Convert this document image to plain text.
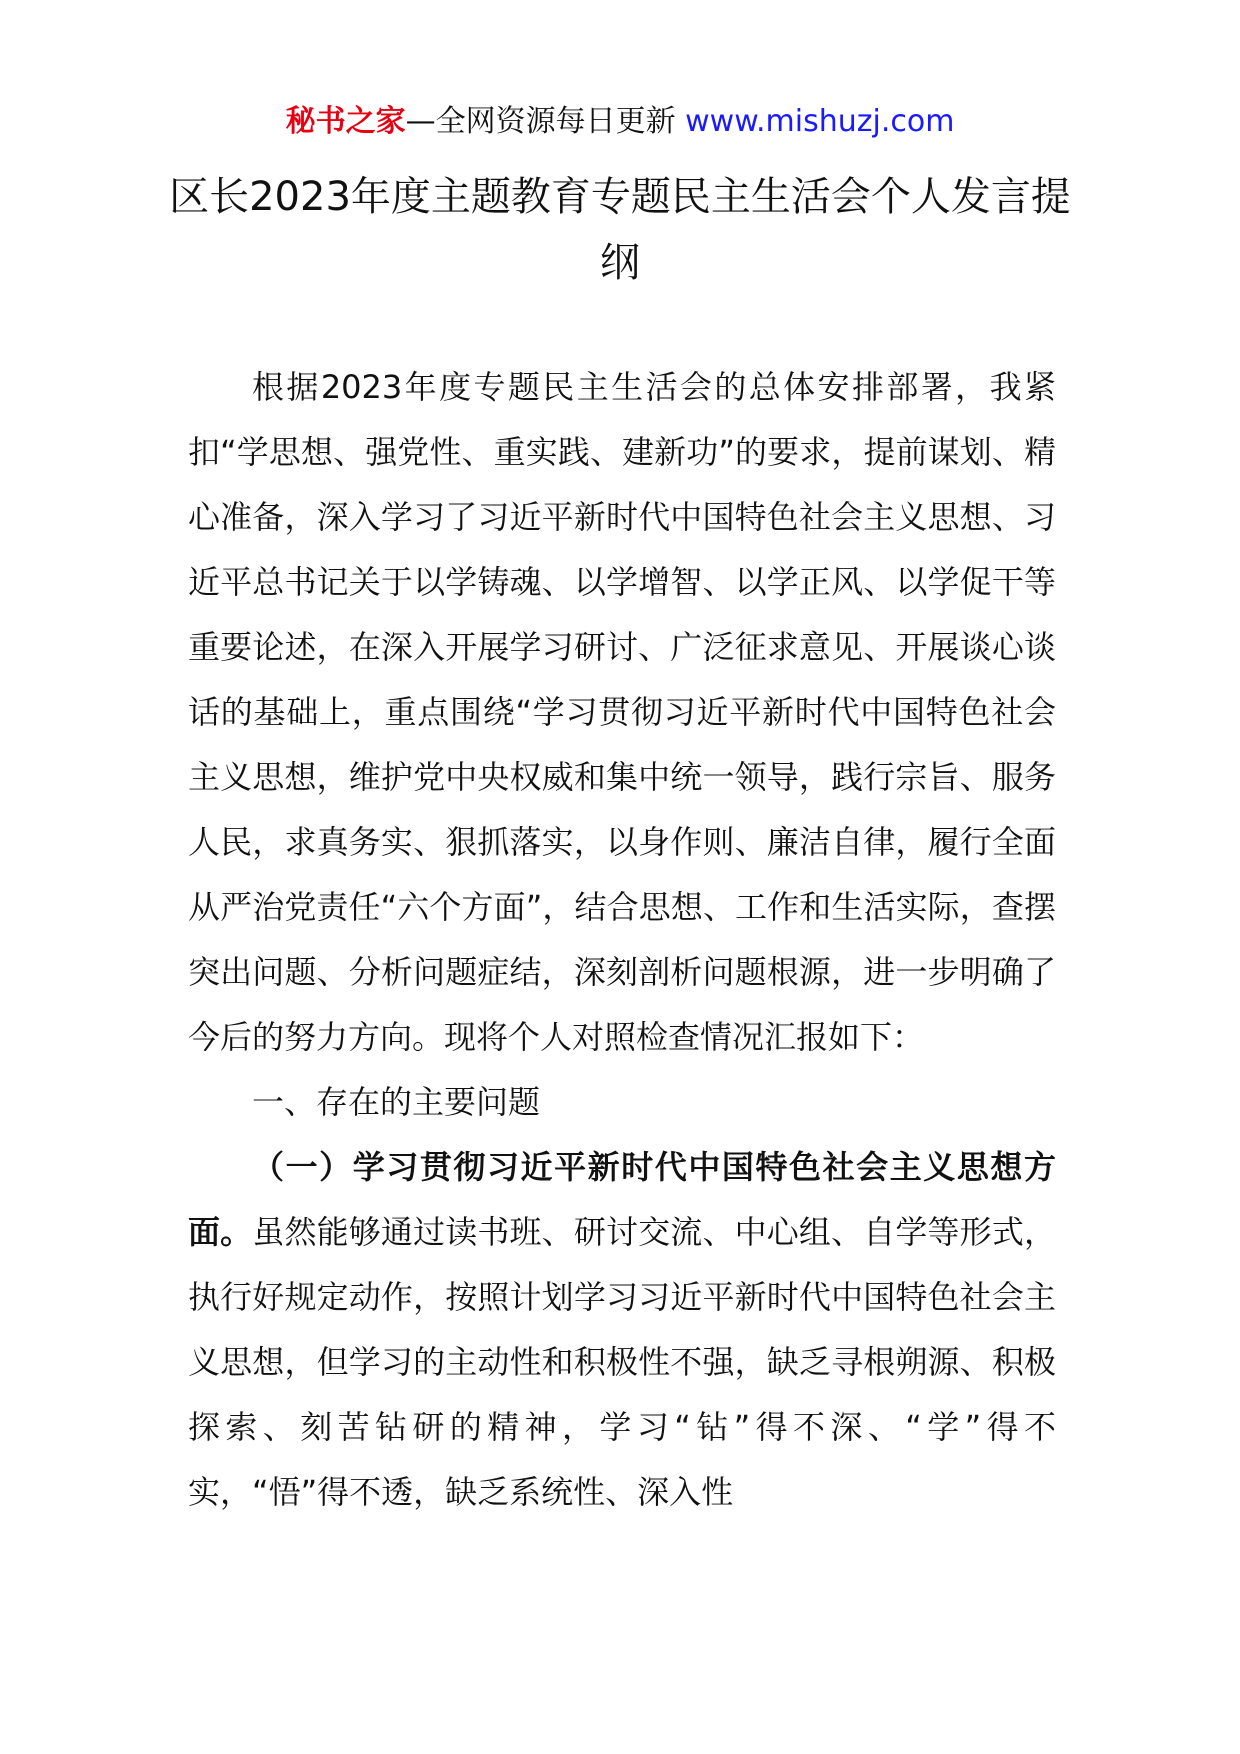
秘书之家—全网资源每日更新 www.mishuzj.com
区长2023年度主题教育专题民主生活会个人发言提纲

根据2023年度专题民主生活会的总体安排部署，我紧扣“学思想、强党性、重实践、建新功”的要求，提前谋划、精心准备，深入学习了习近平新时代中国特色社会主义思想、习近平总书记关于以学铸魂、以学增智、以学正风、以学促干等重要论述，在深入开展学习研讨、广泛征求意见、开展谈心谈话的基础上，重点围绕“学习贯彻习近平新时代中国特色社会主义思想，维护党中央权威和集中统一领导，践行宗旨、服务人民，求真务实、狠抓落实，以身作则、廉洁自律，履行全面从严治党责任“六个方面”，结合思想、工作和生活实际，查摆突出问题、分析问题症结，深刻剖析问题根源，进一步明确了今后的努力方向。现将个人对照检查情况汇报如下：

一、存在的主要问题

（一）学习贯彻习近平新时代中国特色社会主义思想方面。虽然能够通过读书班、研讨交流、中心组、自学等形式，执行好规定动作，按照计划学习习近平新时代中国特色社会主义思想，但学习的主动性和积极性不强，缺乏寻根朔源、积极探索、刻苦钻研的精神，学习“钻”得不深、“学”得不实，“悟”得不透，缺乏系统性、深入性
